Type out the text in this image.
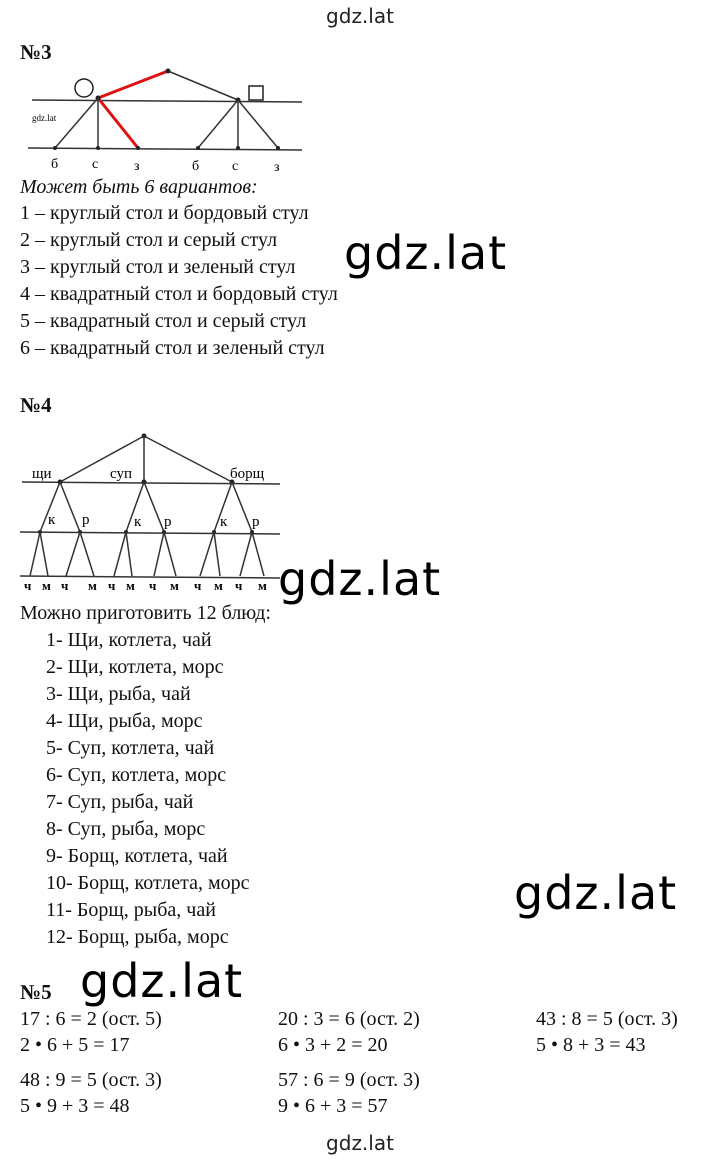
gdz.lat
№3
gdz.lat
б с	з	б с	з
Может быть 6 вариантов:
1 – круглый стол и бордовый стул
2 – круглый стол и серый стул
3 – круглый стол и зеленый стул
4 – квадратный стол и бордовый стул
5 – квадратный стол и серый стул
6 – квадратный стол и зеленый стул
gdz.lat
№4
щи	суп	борщ
к р	к р	к р
ч м ч м ч м ч м ч м ч м gdz.lat
Можно приготовить 12 блюд:
1- Щи, котлета, чай
2- Щи, котлета, морс
3- Щи, рыба, чай
4- Щи, рыба, морс
5- Суп, котлета, чай
6- Суп, котлета, морс
7- Суп, рыба, чай
8- Суп, рыба, морс
9- Борщ, котлета, чай
10- Борщ, котлета, морс
11- Борщ, рыба, чай
12- Борщ, рыба, морс
gdz.lat
№5 gdz.lat
17 : 6 = 2 (ост. 5)	20 : 3 = 6 (ост. 2)	43 : 8 = 5 (ост. 3)
2 • 6 + 5 = 17	6 • 3 + 2 = 20	5 • 8 + 3 = 43
48 : 9 = 5 (ост. 3)	57 : 6 = 9 (ост. 3)
5 • 9 + 3 = 48	9 • 6 + 3 = 57
gdz.lat
